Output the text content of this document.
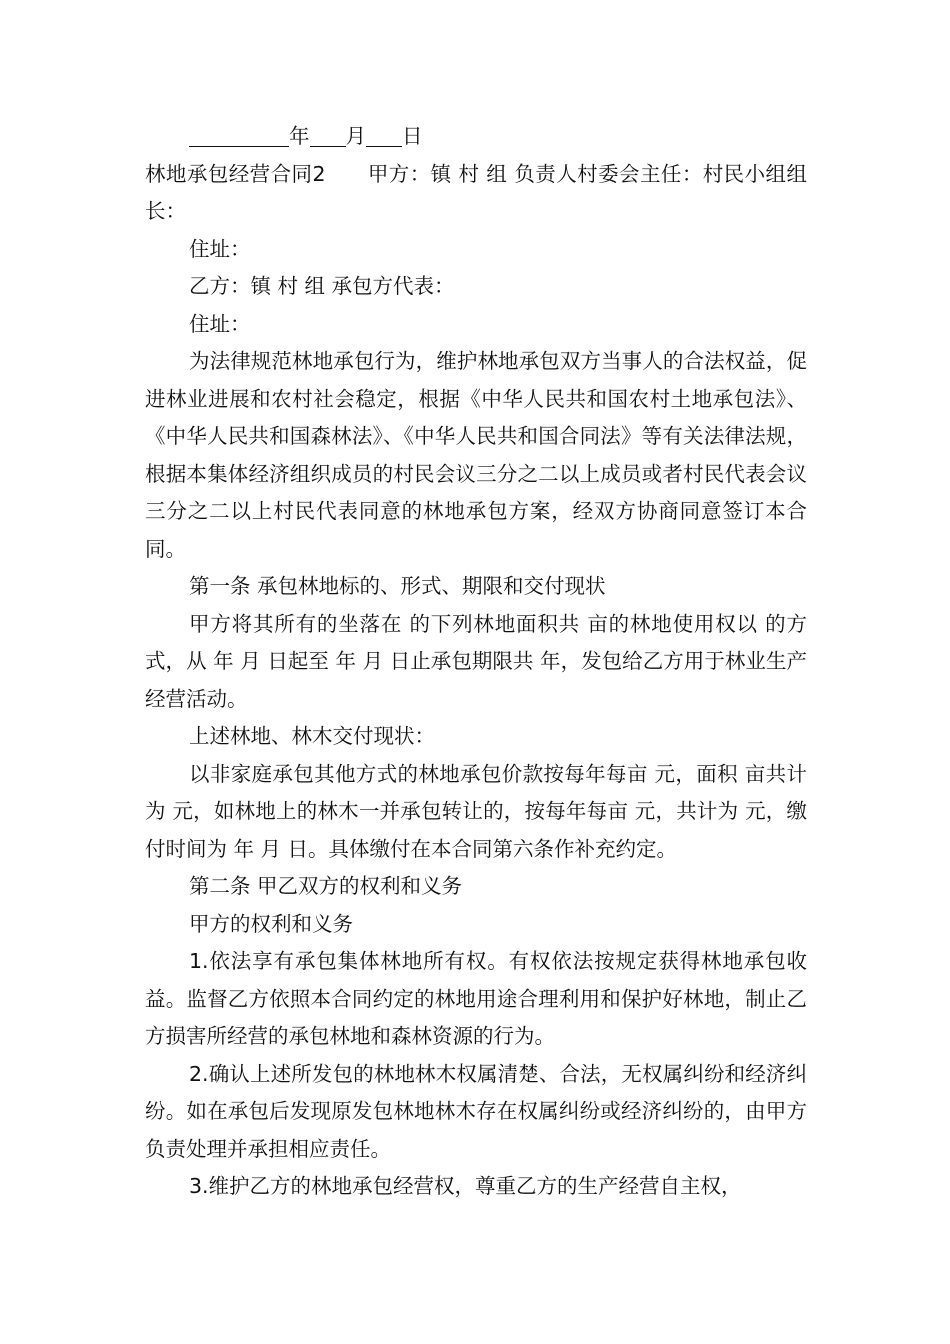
年 月 日

林地承包经营合同2　　甲方：镇 村 组 负责人村委会主任：村民小组组长：

住址：

乙方：镇 村 组 承包方代表：

住址：

为法律规范林地承包行为，维护林地承包双方当事人的合法权益，促进林业进展和农村社会稳定，根据《中华人民共和国农村土地承包法》、《中华人民共和国森林法》、《中华人民共和国合同法》等有关法律法规，根据本集体经济组织成员的村民会议三分之二以上成员或者村民代表会议三分之二以上村民代表同意的林地承包方案，经双方协商同意签订本合同。

第一条 承包林地标的、形式、期限和交付现状

甲方将其所有的坐落在 的下列林地面积共 亩的林地使用权以 的方式，从 年 月 日起至 年 月 日止承包期限共 年，发包给乙方用于林业生产经营活动。

上述林地、林木交付现状：

以非家庭承包其他方式的林地承包价款按每年每亩 元，面积 亩共计为 元，如林地上的林木一并承包转让的，按每年每亩 元，共计为 元，缴付时间为 年 月 日。具体缴付在本合同第六条作补充约定。

第二条 甲乙双方的权利和义务

甲方的权利和义务

1.依法享有承包集体林地所有权。有权依法按规定获得林地承包收益。监督乙方依照本合同约定的林地用途合理利用和保护好林地，制止乙方损害所经营的承包林地和森林资源的行为。

2.确认上述所发包的林地林木权属清楚、合法，无权属纠纷和经济纠纷。如在承包后发现原发包林地林木存在权属纠纷或经济纠纷的，由甲方负责处理并承担相应责任。

3.维护乙方的林地承包经营权，尊重乙方的生产经营自主权，
